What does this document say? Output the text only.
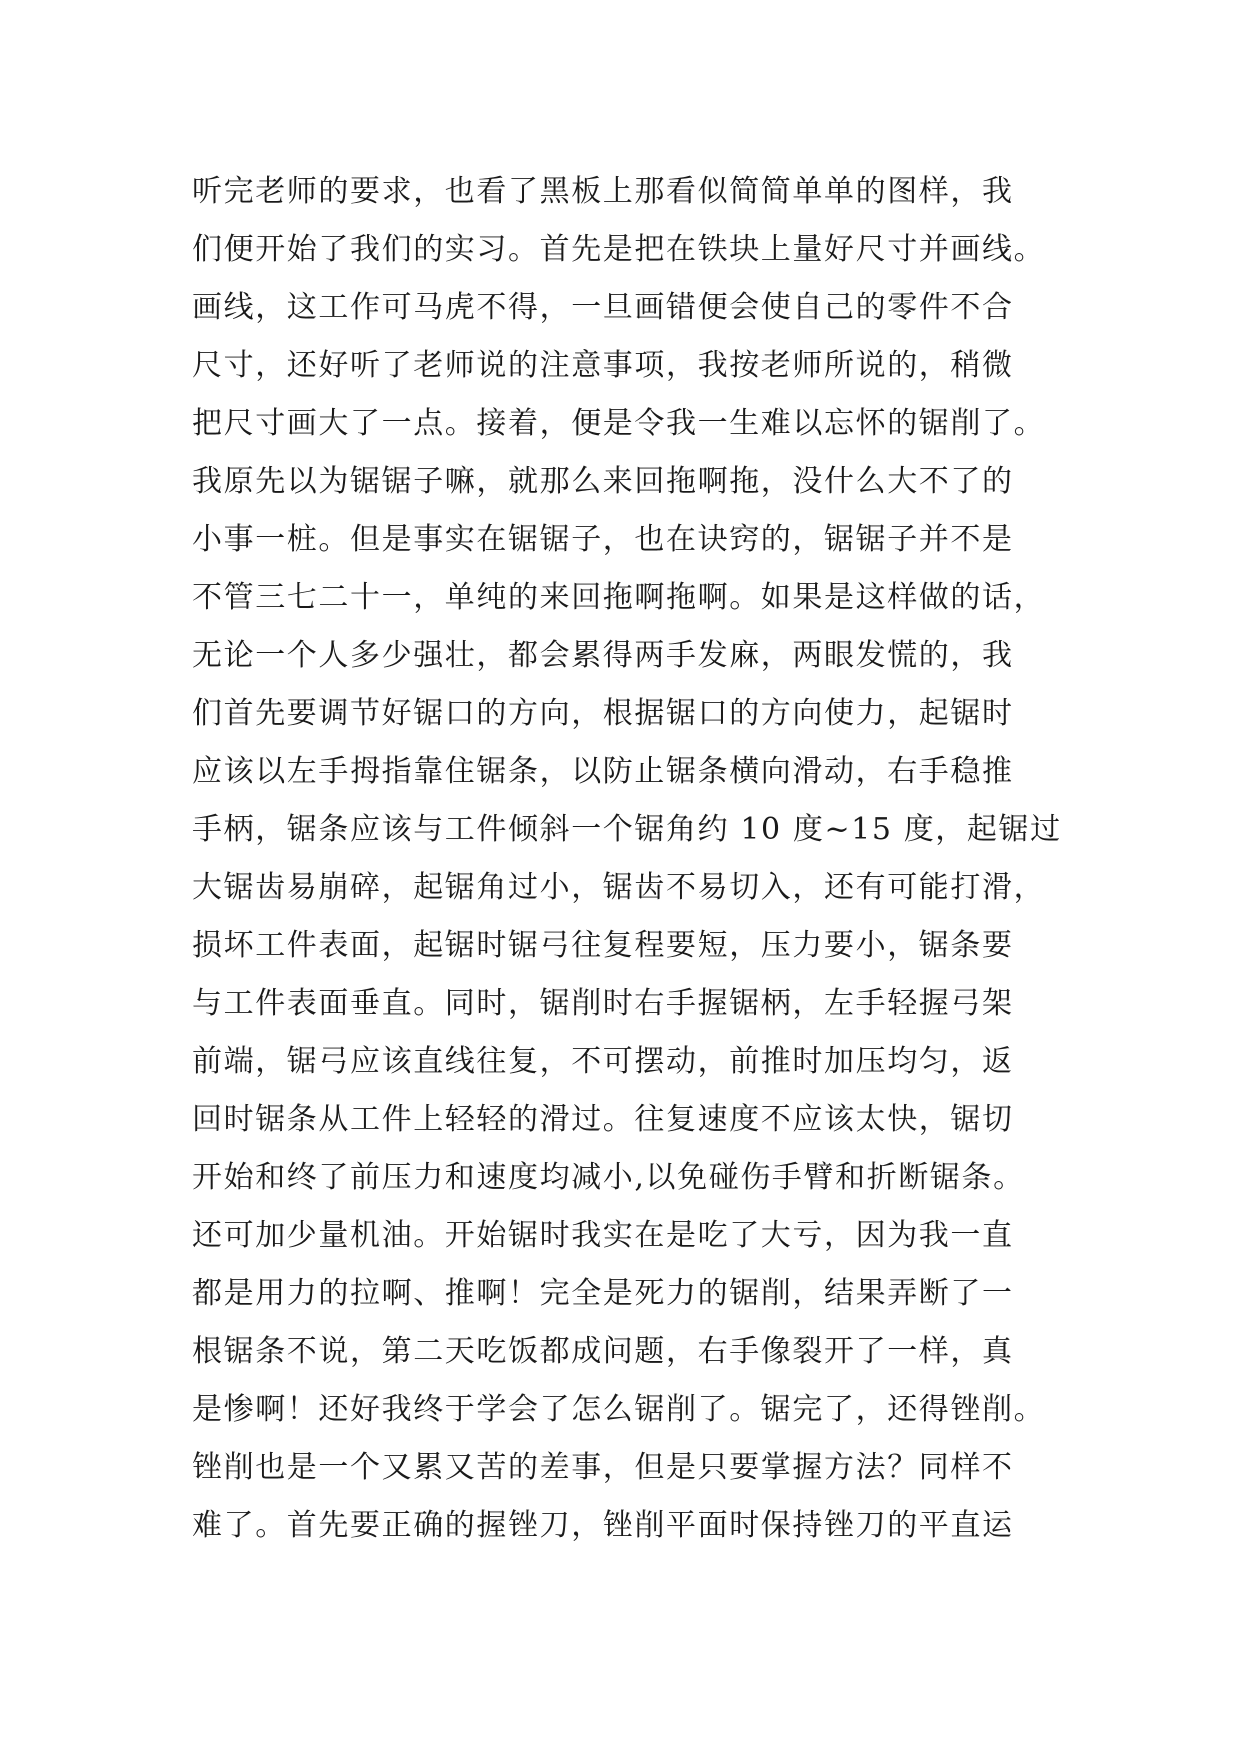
听完老师的要求，也看了黑板上那看似简简单单的图样，我
们便开始了我们的实习。首先是把在铁块上量好尺寸并画线。
画线，这工作可马虎不得，一旦画错便会使自己的零件不合
尺寸，还好听了老师说的注意事项，我按老师所说的，稍微
把尺寸画大了一点。接着，便是令我一生难以忘怀的锯削了。
我原先以为锯锯子嘛，就那么来回拖啊拖，没什么大不了的
小事一桩。但是事实在锯锯子，也在诀窍的，锯锯子并不是
不管三七二十一，单纯的来回拖啊拖啊。如果是这样做的话，
无论一个人多少强壮，都会累得两手发麻，两眼发慌的，我
们首先要调节好锯口的方向，根据锯口的方向使力，起锯时
应该以左手拇指靠住锯条，以防止锯条横向滑动，右手稳推
手柄，锯条应该与工件倾斜一个锯角约 10 度~15 度，起锯过
大锯齿易崩碎，起锯角过小，锯齿不易切入，还有可能打滑，
损坏工件表面，起锯时锯弓往复程要短，压力要小，锯条要
与工件表面垂直。同时，锯削时右手握锯柄，左手轻握弓架
前端，锯弓应该直线往复，不可摆动，前推时加压均匀，返
回时锯条从工件上轻轻的滑过。往复速度不应该太快，锯切
开始和终了前压力和速度均减小,以免碰伤手臂和折断锯条。
还可加少量机油。开始锯时我实在是吃了大亏，因为我一直
都是用力的拉啊、推啊！完全是死力的锯削，结果弄断了一
根锯条不说，第二天吃饭都成问题，右手像裂开了一样，真
是惨啊！还好我终于学会了怎么锯削了。锯完了，还得锉削。
锉削也是一个又累又苦的差事，但是只要掌握方法？同样不
难了。首先要正确的握锉刀，锉削平面时保持锉刀的平直运
